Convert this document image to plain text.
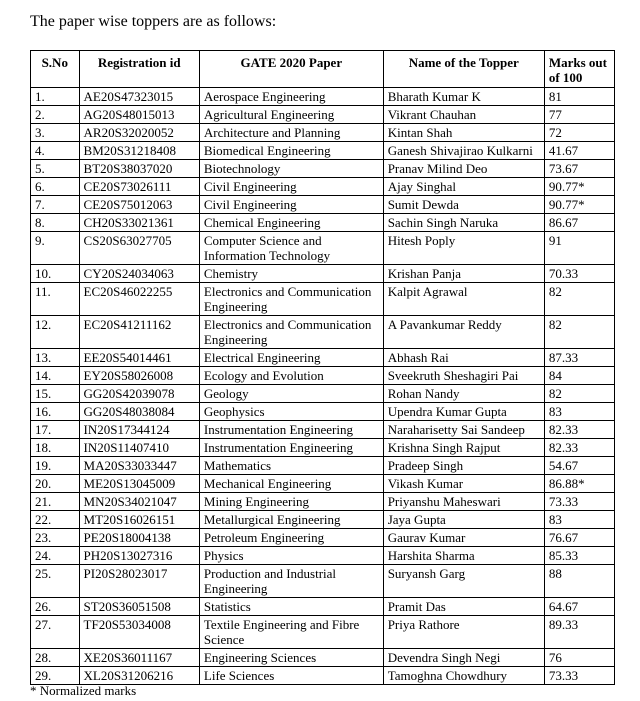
The paper wise toppers are as follows:
S.No	Registration id	GATE 2020 Paper	Name of the Topper	Marks out of 100
1.	AE20S47323015	Aerospace Engineering	Bharath Kumar K	81
2.	AG20S48015013	Agricultural Engineering	Vikrant Chauhan	77
3.	AR20S32020052	Architecture and Planning	Kintan Shah	72
4.	BM20S31218408	Biomedical Engineering	Ganesh Shivajirao Kulkarni	41.67
5.	BT20S38037020	Biotechnology	Pranav Milind Deo	73.67
6.	CE20S73026111	Civil Engineering	Ajay Singhal	90.77*
7.	CE20S75012063	Civil Engineering	Sumit Dewda	90.77*
8.	CH20S33021361	Chemical Engineering	Sachin Singh Naruka	86.67
9.	CS20S63027705	Computer Science and Information Technology	Hitesh Poply	91
10.	CY20S24034063	Chemistry	Krishan Panja	70.33
11.	EC20S46022255	Electronics and Communication Engineering	Kalpit Agrawal	82
12.	EC20S41211162	Electronics and Communication Engineering	A Pavankumar Reddy	82
13.	EE20S54014461	Electrical Engineering	Abhash Rai	87.33
14.	EY20S58026008	Ecology and Evolution	Sveekruth Sheshagiri Pai	84
15.	GG20S42039078	Geology	Rohan Nandy	82
16.	GG20S48038084	Geophysics	Upendra Kumar Gupta	83
17.	IN20S17344124	Instrumentation Engineering	Naraharisetty Sai Sandeep	82.33
18.	IN20S11407410	Instrumentation Engineering	Krishna Singh Rajput	82.33
19.	MA20S33033447	Mathematics	Pradeep Singh	54.67
20.	ME20S13045009	Mechanical Engineering	Vikash Kumar	86.88*
21.	MN20S34021047	Mining Engineering	Priyanshu Maheswari	73.33
22.	MT20S16026151	Metallurgical Engineering	Jaya Gupta	83
23.	PE20S18004138	Petroleum Engineering	Gaurav Kumar	76.67
24.	PH20S13027316	Physics	Harshita Sharma	85.33
25.	PI20S28023017	Production and Industrial Engineering	Suryansh Garg	88
26.	ST20S36051508	Statistics	Pramit Das	64.67
27.	TF20S53034008	Textile Engineering and Fibre Science	Priya Rathore	89.33
28.	XE20S36011167	Engineering Sciences	Devendra Singh Negi	76
29.	XL20S31206216	Life Sciences	Tamoghna Chowdhury	73.33
* Normalized marks
